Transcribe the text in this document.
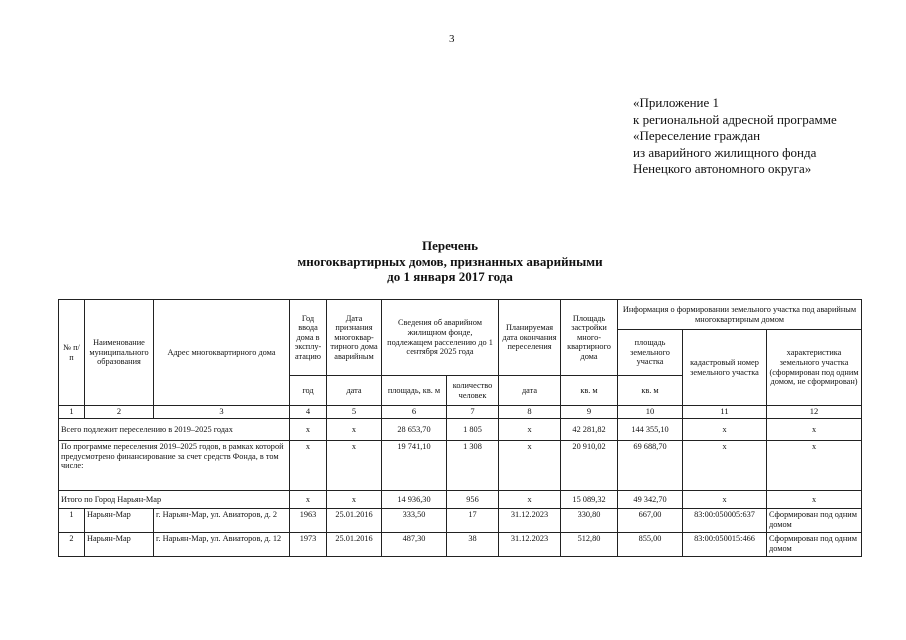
3
«Приложение 1
к региональной адресной программе
«Переселение граждан
из аварийного жилищного фонда
Ненецкого автономного округа»
Перечень
многоквартирных домов, признанных аварийными
до 1 января 2017 года
№ п/п	Наименование муниципального образования	Адрес многоквартирного дома	Год ввода дома в эксплуатацию	Дата признания многоквартирного дома аварийным	Сведения об аварийном жилищном фонде, подлежащем расселению до 1 сентября 2025 года		Планируемая дата окончания переселения	Площадь застройки многоквартирного дома	Информация о формировании земельного участка под аварийным многоквартирным домом		
									площадь земельного участка	кадастровый номер земельного участка	характеристика земельного участка (сформирован под одним домом, не сформирован)
			год	дата	площадь, кв. м	количество человек	дата	кв. м	кв. м		
1	2	3	4	5	6	7	8	9	10	11	12
Всего подлежит переселению в 2019–2025 годах			х	х	28 653,70	1 805	х	42 281,82	144 355,10	х	х
По программе переселения 2019–2025 годов, в рамках которой предусмотрено финансирование за счет средств Фонда, в том числе:			х	х	19 741,10	1 308	х	20 910,02	69 688,70	х	х
Итого по Город Нарьян-Мар			х	х	14 936,30	956	х	15 089,32	49 342,70	х	х
1	Нарьян-Мар	г. Нарьян-Мар, ул. Авиаторов, д. 2	1963	25.01.2016	333,50	17	31.12.2023	330,80	667,00	83:00:050005:637	Сформирован под одним домом
2	Нарьян-Мар	г. Нарьян-Мар, ул. Авиаторов, д. 12	1973	25.01.2016	487,30	38	31.12.2023	512,80	855,00	83:00:050015:466	Сформирован под одним домом
